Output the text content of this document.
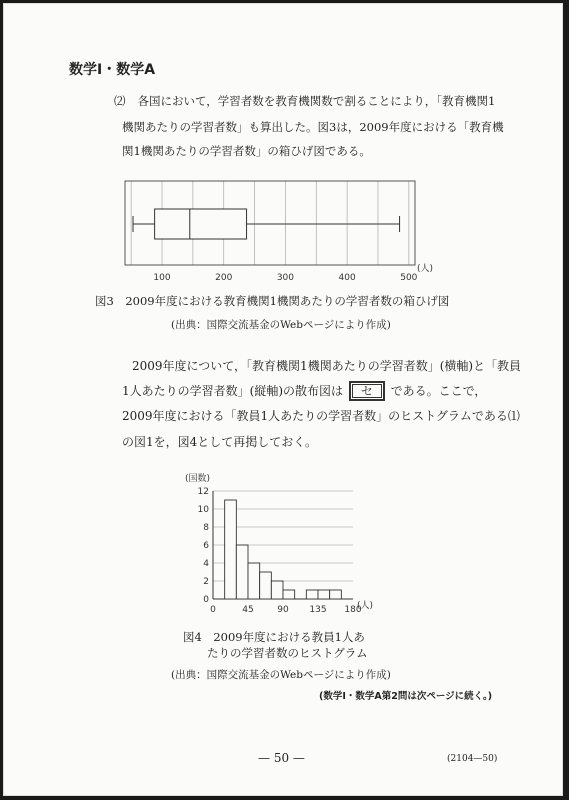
数学Ⅰ・数学A
⑵ 各国において，学習者数を教育機関数で割ることにより，「教育機関1
機関あたりの学習者数」も算出した。図3は，2009年度における「教育機
関1機関あたりの学習者数」の箱ひげ図である。
100	200	300	400	500
(人)
図3　2009年度における教育機関1機関あたりの学習者数の箱ひげ図
(出典：国際交流基金のWebページにより作成)
2009年度について，「教育機関1機関あたりの学習者数」(横軸)と「教員
1人あたりの学習者数」(縦軸)の散布図は セ である。ここで，
2009年度における「教員1人あたりの学習者数」のヒストグラムである⑴
の図1を，図4として再掲しておく。
(国数)
0
2
4
6
8
10
12
0	45	90 135 180
(人)
図4　2009年度における教員1人あ
たりの学習者数のヒストグラム
(出典：国際交流基金のWebページにより作成)
(数学Ⅰ・数学A第2問は次ページに続く。)
— 50 —	(2104—50)
